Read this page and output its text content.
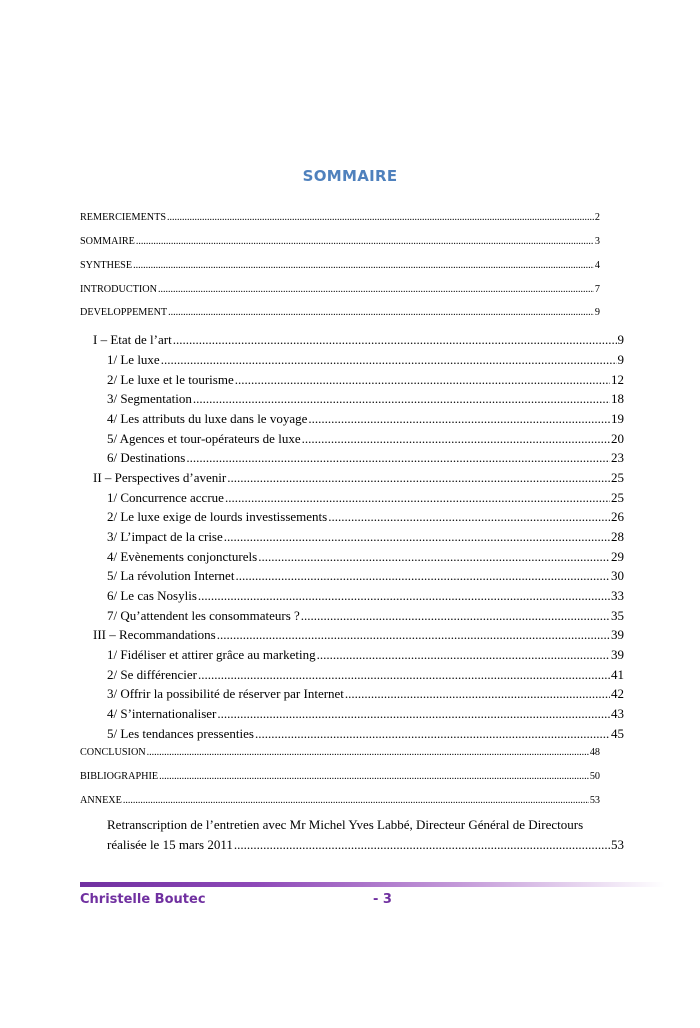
SOMMAIRE
REMERCIEMENTS .....	2
SOMMAIRE .....	3
SYNTHESE .....	4
INTRODUCTION .....	7
DEVELOPPEMENT .....	9
I – Etat de l’art .....	9
1/ Le luxe .....	9
2/ Le luxe et le tourisme .....	12
3/ Segmentation .....	18
4/ Les attributs du luxe dans le voyage .....	19
5/ Agences et tour-opérateurs de luxe .....	20
6/ Destinations .....	23
II – Perspectives d’avenir .....	25
1/ Concurrence accrue .....	25
2/ Le luxe exige de lourds investissements .....	26
3/ L’impact de la crise .....	28
4/ Evènements conjoncturels .....	29
5/ La révolution Internet .....	30
6/ Le cas Nosylis .....	33
7/ Qu’attendent les consommateurs ? .....	35
III – Recommandations .....	39
1/ Fidéliser et attirer grâce au marketing .....	39
2/ Se différencier .....	41
3/ Offrir la possibilité de réserver par Internet .....	42
4/ S’internationaliser .....	43
5/ Les tendances pressenties .....	45
CONCLUSION .....	48
BIBLIOGRAPHIE .....	50
ANNEXE .....	53
Retranscription de l’entretien avec Mr Michel Yves Labbé, Directeur Général de Directours
réalisée le 15 mars 2011 .....	53
Christelle Boutec	- 3
